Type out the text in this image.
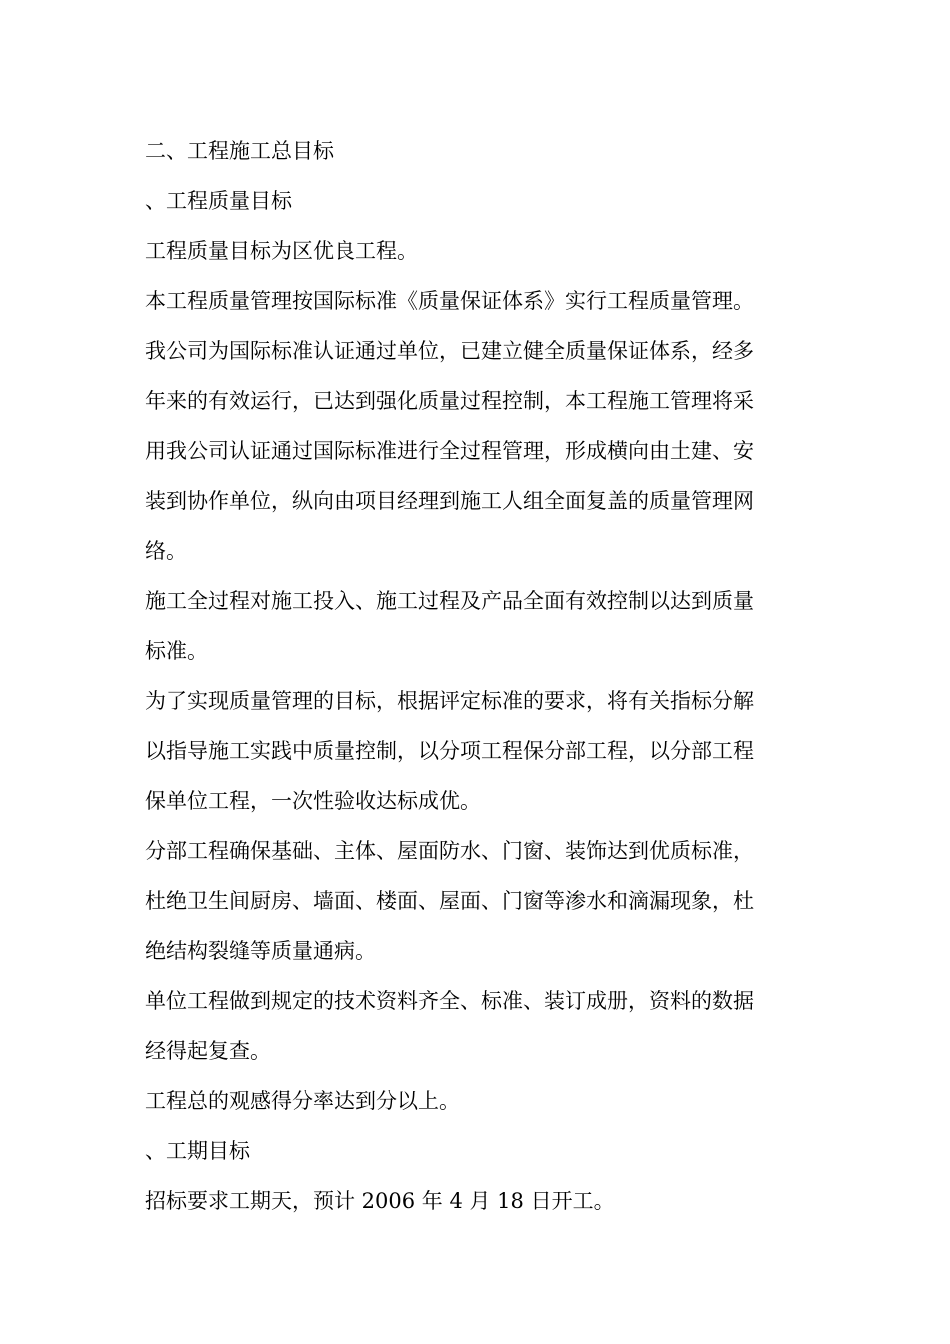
二、工程施工总目标

、工程质量目标

工程质量目标为区优良工程。

本工程质量管理按国际标准《质量保证体系》实行工程质量管理。

我公司为国际标准认证通过单位，已建立健全质量保证体系，经多
年来的有效运行，已达到强化质量过程控制，本工程施工管理将采
用我公司认证通过国际标准进行全过程管理，形成横向由土建、安
装到协作单位，纵向由项目经理到施工人组全面复盖的质量管理网
络。

施工全过程对施工投入、施工过程及产品全面有效控制以达到质量
标准。

为了实现质量管理的目标，根据评定标准的要求，将有关指标分解
以指导施工实践中质量控制，以分项工程保分部工程，以分部工程
保单位工程，一次性验收达标成优。

分部工程确保基础、主体、屋面防水、门窗、装饰达到优质标准，
杜绝卫生间厨房、墙面、楼面、屋面、门窗等渗水和滴漏现象，杜
绝结构裂缝等质量通病。

单位工程做到规定的技术资料齐全、标准、装订成册，资料的数据
经得起复查。

工程总的观感得分率达到分以上。

、工期目标

招标要求工期天，预计 2006 年 4 月 18 日开工。
